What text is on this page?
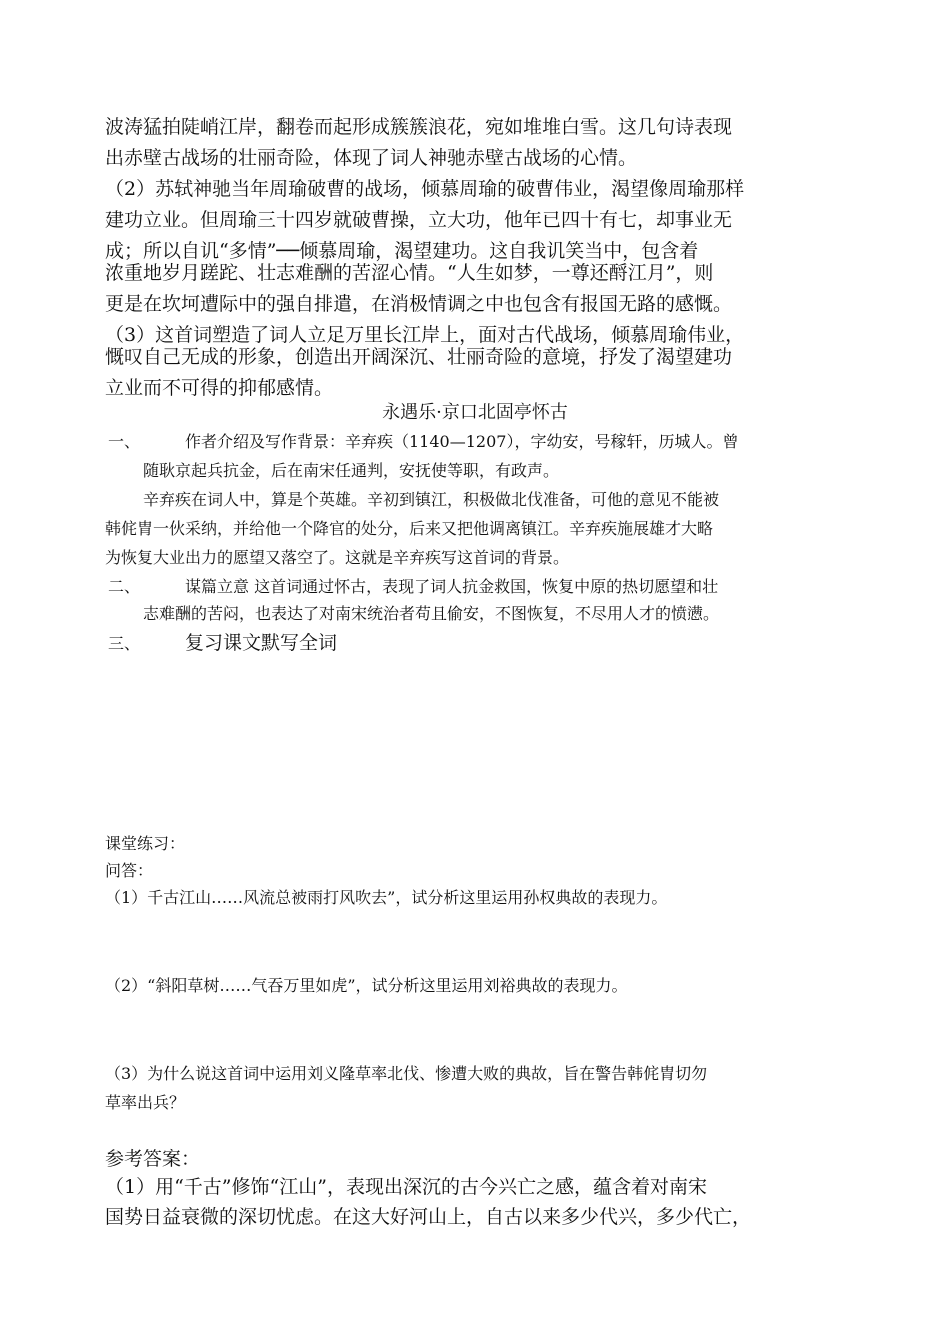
波涛猛拍陡峭江岸，翻卷而起形成簇簇浪花，宛如堆堆白雪。这几句诗表现
出赤壁古战场的壮丽奇险，体现了词人神驰赤壁古战场的心情。
（2）苏轼神驰当年周瑜破曹的战场，倾慕周瑜的破曹伟业，渴望像周瑜那样
建功立业。但周瑜三十四岁就破曹操，立大功，他年已四十有七，却事业无
成；所以自讥“多情”──倾慕周瑜，渴望建功。这自我讥笑当中，包含着
浓重地岁月蹉跎、壮志难酬的苦涩心情。“人生如梦，一尊还酹江月”，则
更是在坎坷遭际中的强自排遣，在消极情调之中也包含有报国无路的感慨。
（3）这首词塑造了词人立足万里长江岸上，面对古代战场，倾慕周瑜伟业，
慨叹自己无成的形象，创造出开阔深沉、壮丽奇险的意境，抒发了渴望建功
立业而不可得的抑郁感情。
永遇乐·京口北固亭怀古
一、	作者介绍及写作背景：辛弃疾（1140—1207），字幼安，号稼轩，历城人。曾
随耿京起兵抗金，后在南宋任通判，安抚使等职，有政声。
辛弃疾在词人中，算是个英雄。辛初到镇江，积极做北伐准备，可他的意见不能被
韩侂胄一伙采纳，并给他一个降官的处分，后来又把他调离镇江。辛弃疾施展雄才大略
为恢复大业出力的愿望又落空了。这就是辛弃疾写这首词的背景。
二、	谋篇立意 这首词通过怀古，表现了词人抗金救国，恢复中原的热切愿望和壮
志难酬的苦闷，也表达了对南宋统治者苟且偷安，不图恢复，不尽用人才的愤懑。
三、 复习课文默写全词
课堂练习：
问答：
（1）千古江山……风流总被雨打风吹去”，试分析这里运用孙权典故的表现力。
（2）“斜阳草树……气吞万里如虎”，试分析这里运用刘裕典故的表现力。
（3）为什么说这首词中运用刘义隆草率北伐、惨遭大败的典故，旨在警告韩侂胄切勿
草率出兵？
参考答案：
（1）用“千古”修饰“江山”，表现出深沉的古今兴亡之感，蕴含着对南宋
国势日益衰微的深切忧虑。在这大好河山上，自古以来多少代兴，多少代亡，
